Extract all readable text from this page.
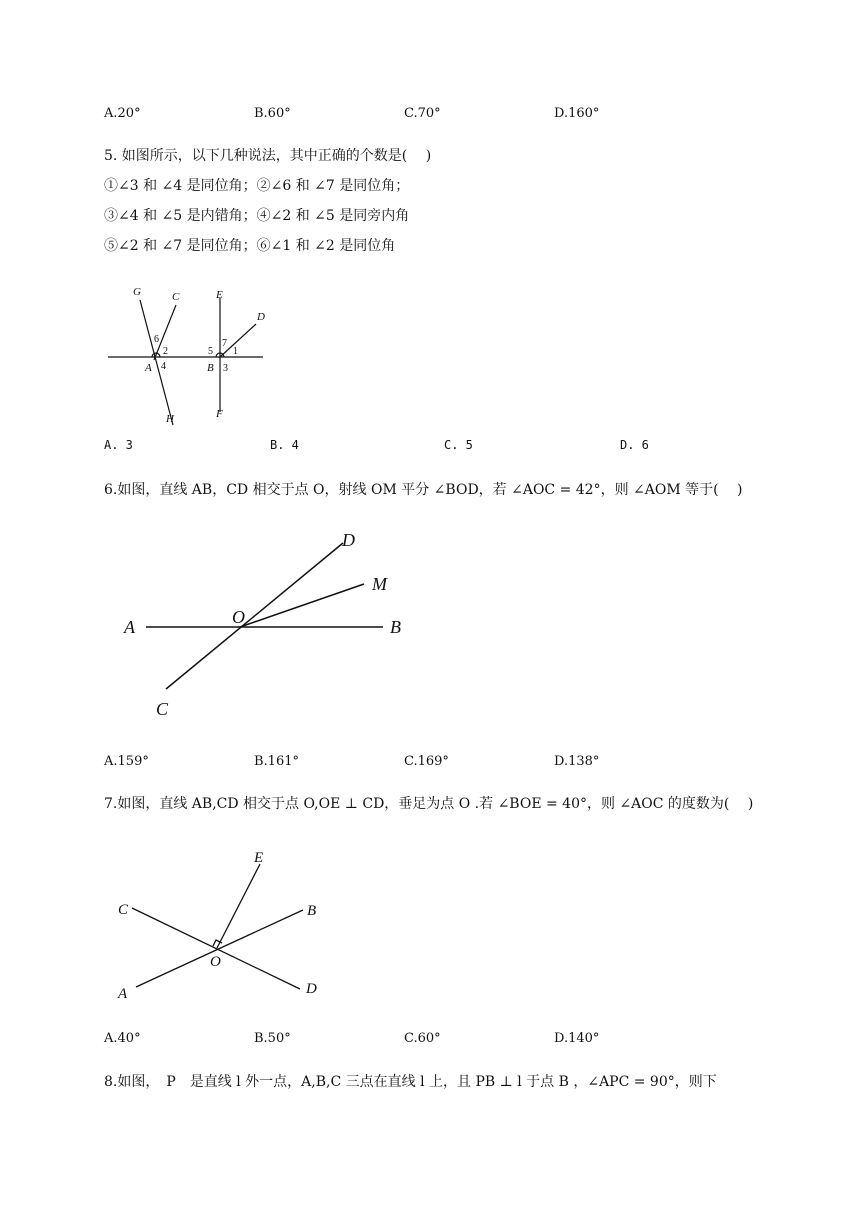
A.20°	B.60°	C.70°	D.160°
5. 如图所示，以下几种说法，其中正确的个数是(　 )
①∠3 和 ∠4 是同位角；②∠6 和 ∠7 是同位角；
③∠4 和 ∠5 是内错角；④∠2 和 ∠5 是同旁内角
⑤∠2 和 ∠7 是同位角；⑥∠1 和 ∠2 是同位角
G	C	E
D
A	B
H	F
6
2	5
7
1
4	3
A. 3	B. 4	C. 5	D. 6
6.如图，直线 AB，CD 相交于点 O，射线 OM 平分 ∠BOD，若 ∠AOC = 42°，则 ∠AOM 等于(　 )
D
M
A	O	B
C
A.159°	B.161°	C.169°	D.138°
7.如图，直线 AB,CD 相交于点 O,OE ⊥ CD，垂足为点 O .若 ∠BOE = 40°，则 ∠AOC 的度数为(　 )
E
C	B
O
A	D
A.40°	B.50°	C.60°	D.140°
8.如图，　P　是直线 l 外一点，A,B,C 三点在直线 l 上，且 PB ⊥ l 于点 B ，∠APC = 90°，则下
